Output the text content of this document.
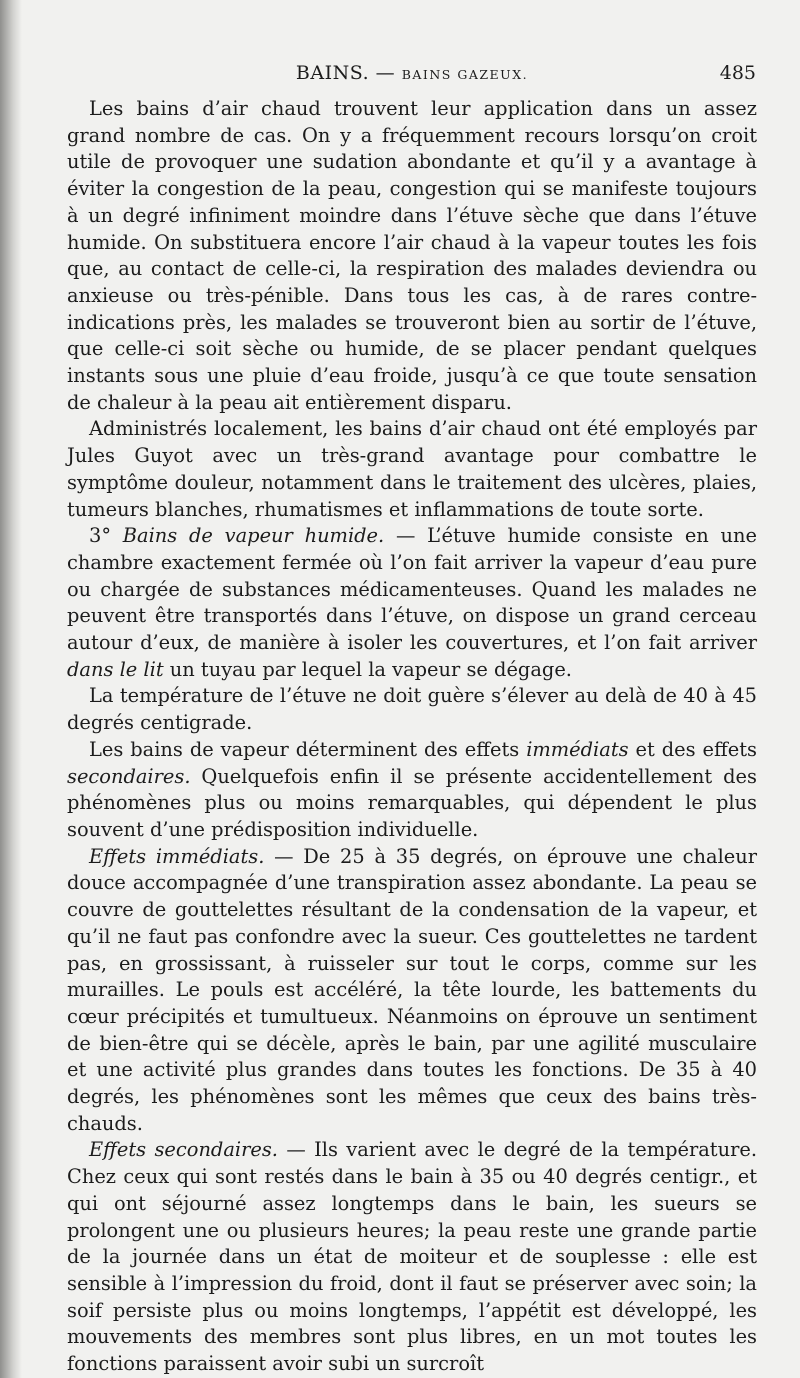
BAINS. — BAINS GAZEUX.	485

Les bains d’air chaud trouvent leur application dans un assez grand nombre de cas. On y a fréquemment recours lorsqu’on croit utile de provoquer une sudation abondante et qu’il y a avantage à éviter la congestion de la peau, congestion qui se manifeste toujours à un degré infiniment moindre dans l’étuve sèche que dans l’étuve humide. On substituera encore l’air chaud à la vapeur toutes les fois que, au contact de celle-ci, la respiration des malades deviendra ou anxieuse ou très-pénible. Dans tous les cas, à de rares contre-indications près, les malades se trouveront bien au sortir de l’étuve, que celle-ci soit sèche ou humide, de se placer pendant quelques instants sous une pluie d’eau froide, jusqu’à ce que toute sensation de chaleur à la peau ait entièrement disparu.

Administrés localement, les bains d’air chaud ont été employés par Jules Guyot avec un très-grand avantage pour combattre le symptôme douleur, notamment dans le traitement des ulcères, plaies, tumeurs blanches, rhumatismes et inflammations de toute sorte.

3° Bains de vapeur humide. — L’étuve humide consiste en une chambre exactement fermée où l’on fait arriver la vapeur d’eau pure ou chargée de substances médicamenteuses. Quand les malades ne peuvent être transportés dans l’étuve, on dispose un grand cerceau autour d’eux, de manière à isoler les couvertures, et l’on fait arriver dans le lit un tuyau par lequel la vapeur se dégage.

La température de l’étuve ne doit guère s’élever au delà de 40 à 45 degrés centigrade.

Les bains de vapeur déterminent des effets immédiats et des effets secondaires. Quelquefois enfin il se présente accidentellement des phénomènes plus ou moins remarquables, qui dépendent le plus souvent d’une prédisposition individuelle.

Effets immédiats. — De 25 à 35 degrés, on éprouve une chaleur douce accompagnée d’une transpiration assez abondante. La peau se couvre de gouttelettes résultant de la condensation de la vapeur, et qu’il ne faut pas confondre avec la sueur. Ces gouttelettes ne tardent pas, en grossissant, à ruisseler sur tout le corps, comme sur les murailles. Le pouls est accéléré, la tête lourde, les battements du cœur précipités et tumultueux. Néanmoins on éprouve un sentiment de bien-être qui se décèle, après le bain, par une agilité musculaire et une activité plus grandes dans toutes les fonctions. De 35 à 40 degrés, les phénomènes sont les mêmes que ceux des bains très-chauds.

Effets secondaires. — Ils varient avec le degré de la température. Chez ceux qui sont restés dans le bain à 35 ou 40 degrés centigr., et qui ont séjourné assez longtemps dans le bain, les sueurs se prolongent une ou plusieurs heures; la peau reste une grande partie de la journée dans un état de moiteur et de souplesse : elle est sensible à l’impression du froid, dont il faut se préserver avec soin; la soif persiste plus ou moins longtemps, l’appétit est développé, les mouvements des membres sont plus libres, en un mot toutes les fonctions paraissent avoir subi un surcroît
